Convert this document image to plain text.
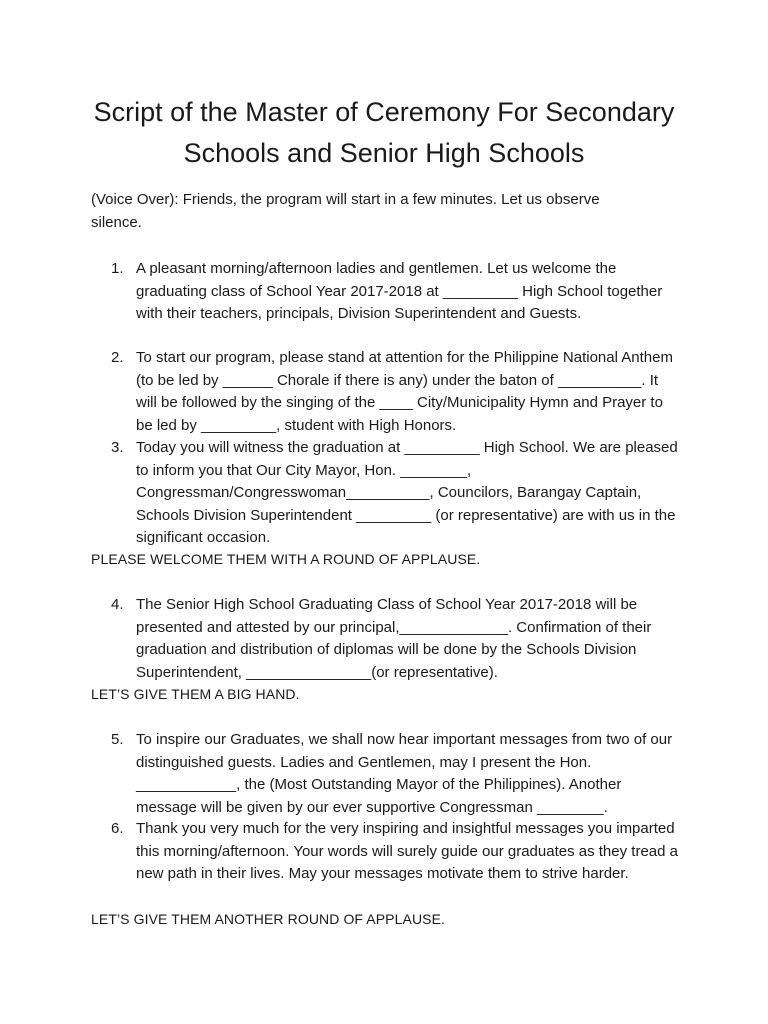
Script of the Master of Ceremony For Secondary
Schools and Senior High Schools

(Voice Over): Friends, the program will start in a few minutes. Let us observe silence.

1. A pleasant morning/afternoon ladies and gentlemen. Let us welcome the graduating class of School Year 2017-2018 at _________ High School together with their teachers, principals, Division Superintendent and Guests.
2. To start our program, please stand at attention for the Philippine National Anthem (to be led by ______ Chorale if there is any) under the baton of __________. It will be followed by the singing of the ____ City/Municipality Hymn and Prayer to be led by _________, student with High Honors.
3. Today you will witness the graduation at _________ High School. We are pleased to inform you that Our City Mayor, Hon. ________, Congressman/Congresswoman__________, Councilors, Barangay Captain, Schools Division Superintendent _________ (or representative) are with us in the significant occasion.

PLEASE WELCOME THEM WITH A ROUND OF APPLAUSE.

4. The Senior High School Graduating Class of School Year 2017-2018 will be presented and attested by our principal,_____________. Confirmation of their graduation and distribution of diplomas will be done by the Schools Division Superintendent, _______________(or representative).

LET’S GIVE THEM A BIG HAND.

5. To inspire our Graduates, we shall now hear important messages from two of our distinguished guests. Ladies and Gentlemen, may I present the Hon. ____________, the (Most Outstanding Mayor of the Philippines). Another message will be given by our ever supportive Congressman ________.
6. Thank you very much for the very inspiring and insightful messages you imparted this morning/afternoon. Your words will surely guide our graduates as they tread a new path in their lives. May your messages motivate them to strive harder.

LET’S GIVE THEM ANOTHER ROUND OF APPLAUSE.
